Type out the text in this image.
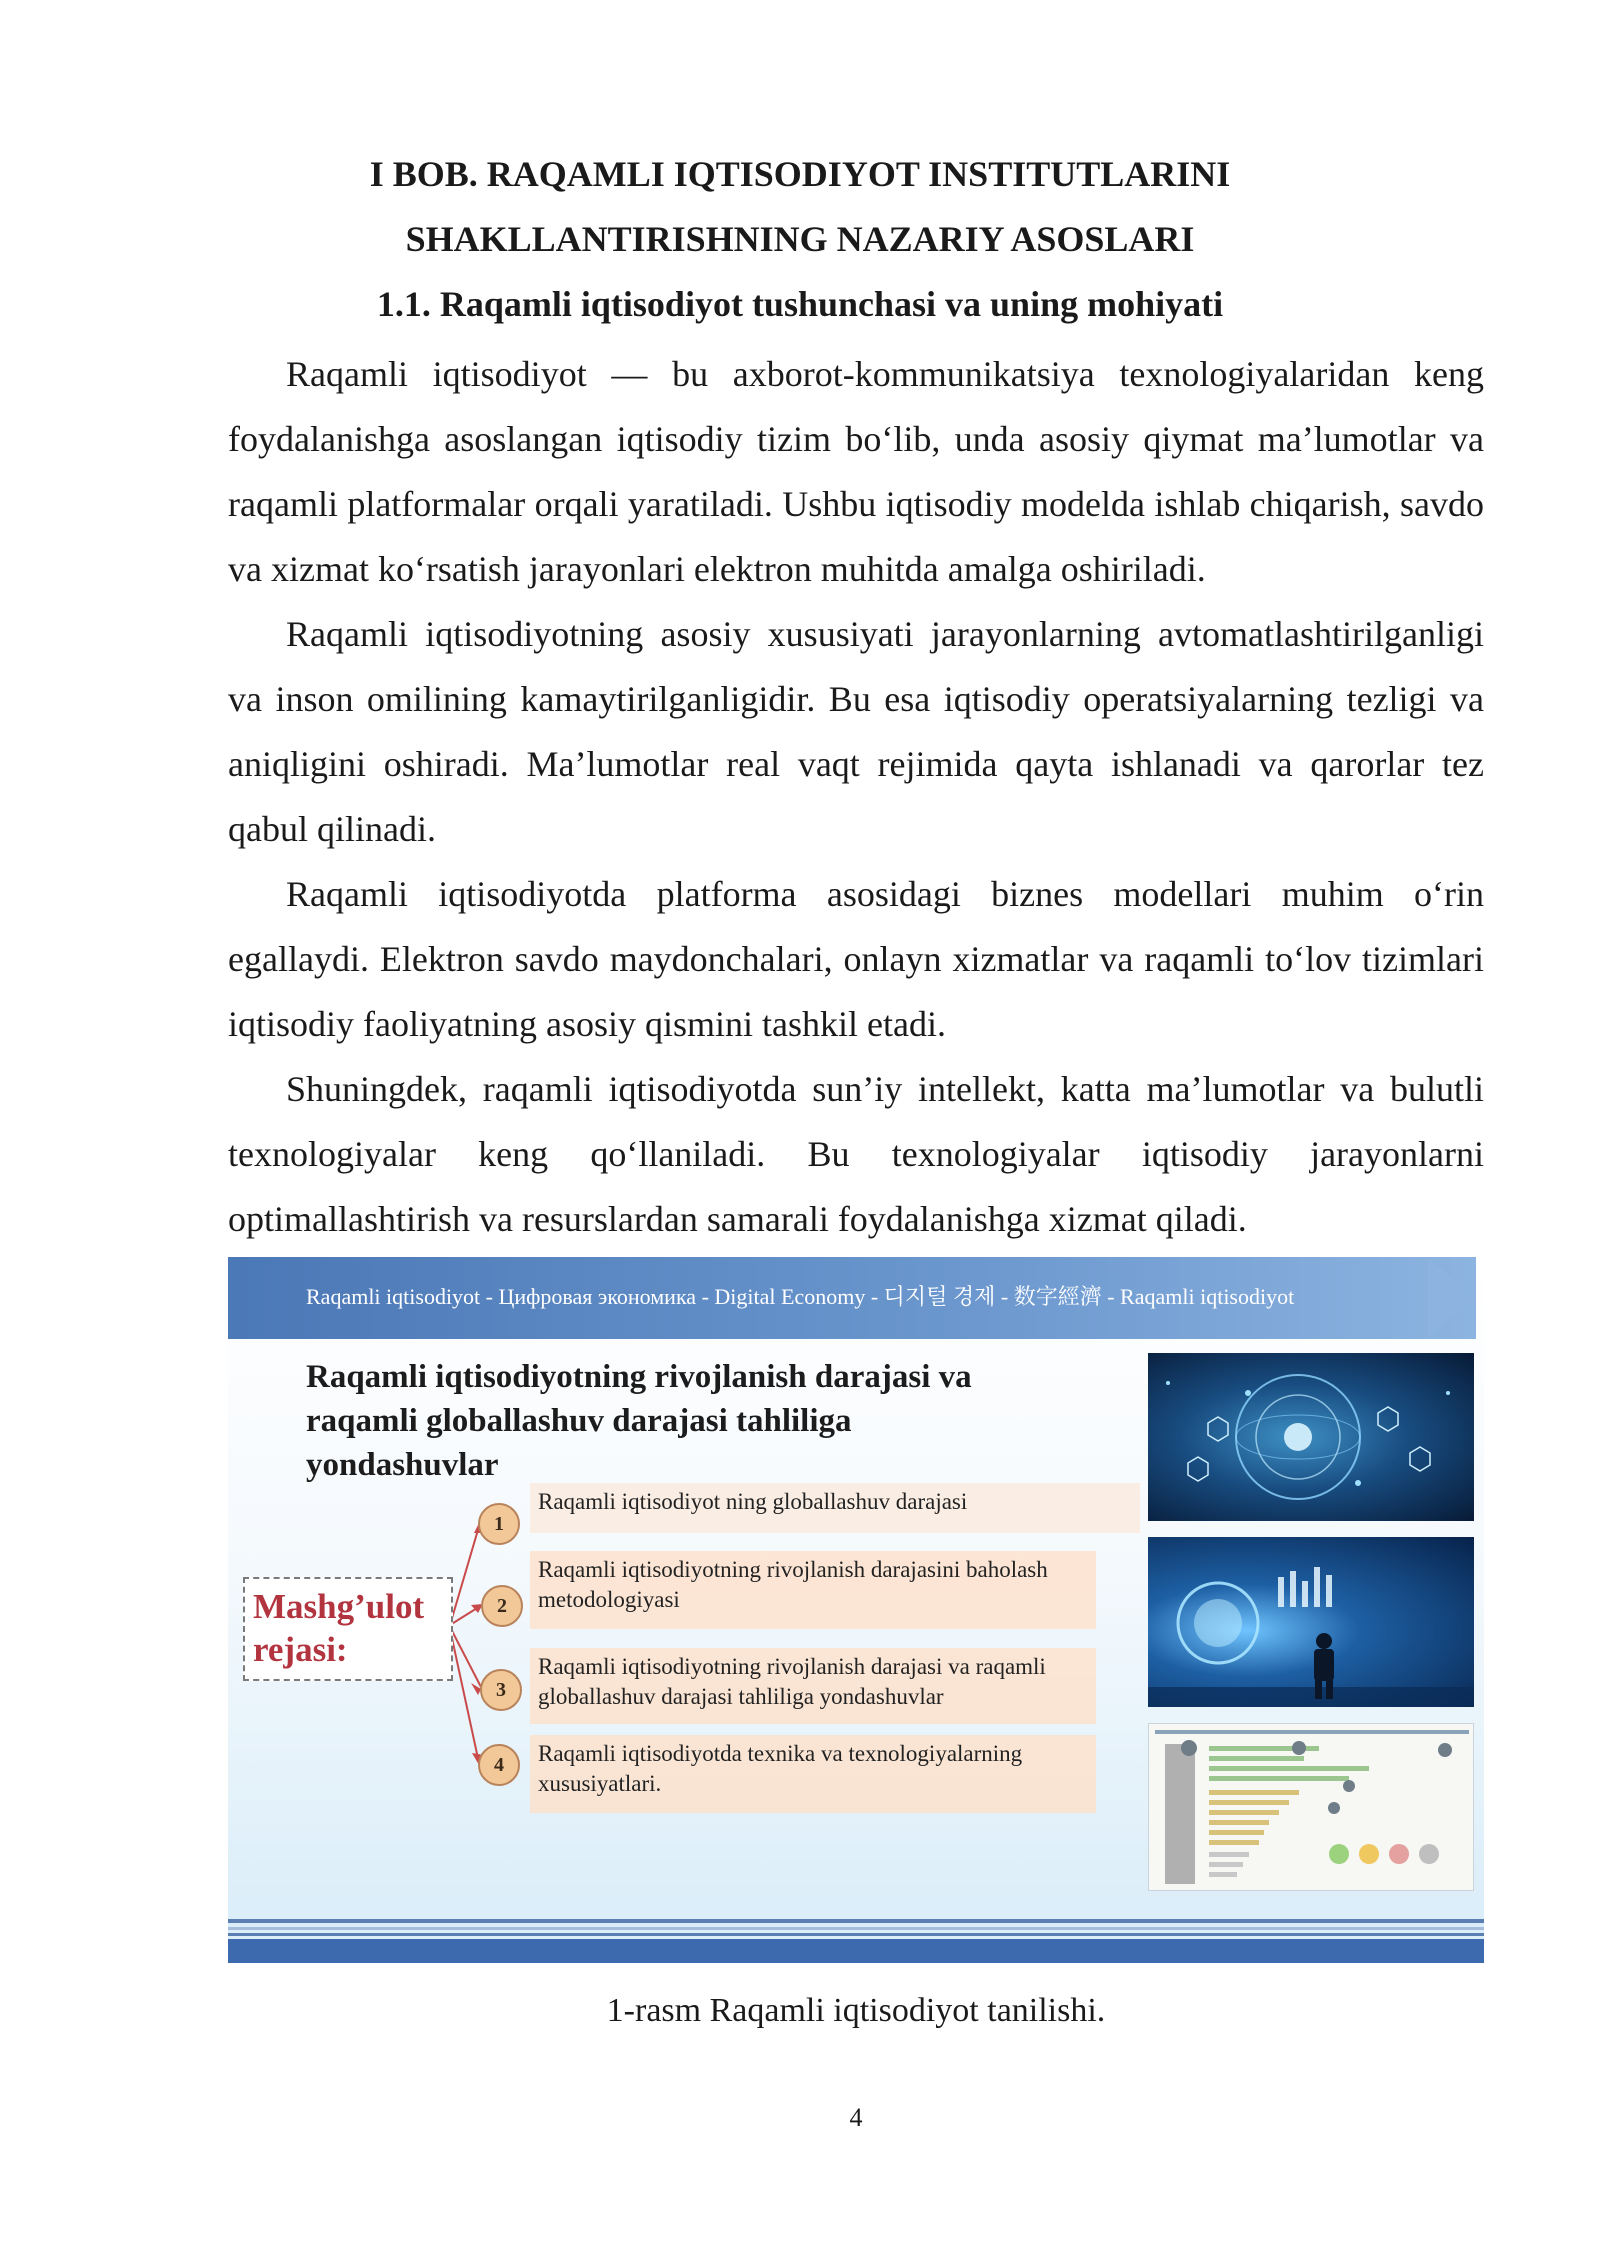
I BOB. RAQAMLI IQTISODIYOT INSTITUTLARINI
SHAKLLANTIRISHNING NAZARIY ASOSLARI
1.1. Raqamli iqtisodiyot tushunchasi va uning mohiyati

Raqamli iqtisodiyot — bu axborot-kommunikatsiya texnologiyalaridan keng foydalanishga asoslangan iqtisodiy tizim bo‘lib, unda asosiy qiymat ma’lumotlar va raqamli platformalar orqali yaratiladi. Ushbu iqtisodiy modelda ishlab chiqarish, savdo va xizmat ko‘rsatish jarayonlari elektron muhitda amalga oshiriladi.

Raqamli iqtisodiyotning asosiy xususiyati jarayonlarning avtomatlashtirilganligi va inson omilining kamaytirilganligidir. Bu esa iqtisodiy operatsiyalarning tezligi va aniqligini oshiradi. Ma’lumotlar real vaqt rejimida qayta ishlanadi va qarorlar tez qabul qilinadi.

Raqamli iqtisodiyotda platforma asosidagi biznes modellari muhim o‘rin egallaydi. Elektron savdo maydonchalari, onlayn xizmatlar va raqamli to‘lov tizimlari iqtisodiy faoliyatning asosiy qismini tashkil etadi.

Shuningdek, raqamli iqtisodiyotda sun’iy intellekt, katta ma’lumotlar va bulutli texnologiyalar keng qo‘llaniladi. Bu texnologiyalar iqtisodiy jarayonlarni optimallashtirish va resurslardan samarali foydalanishga xizmat qiladi.

Raqamli iqtisodiyot - Цифровая экономика - Digital Economy - 디지털 경제 - 数字經濟 - Raqamli iqtisodiyot
Raqamli iqtisodiyotning rivojlanish darajasi va raqamli globallashuv darajasi tahliliga yondashuvlar
Mashg’ulot rejasi:
Raqamli iqtisodiyot ning globallashuv darajasi
Raqamli iqtisodiyotning rivojlanish darajasini baholash metodologiyasi
Raqamli iqtisodiyotning rivojlanish darajasi va raqamli globallashuv darajasi tahliliga yondashuvlar
Raqamli iqtisodiyotda texnika va texnologiyalarning xususiyatlari.
1
2
3
4
1-rasm Raqamli iqtisodiyot tanilishi.
4
